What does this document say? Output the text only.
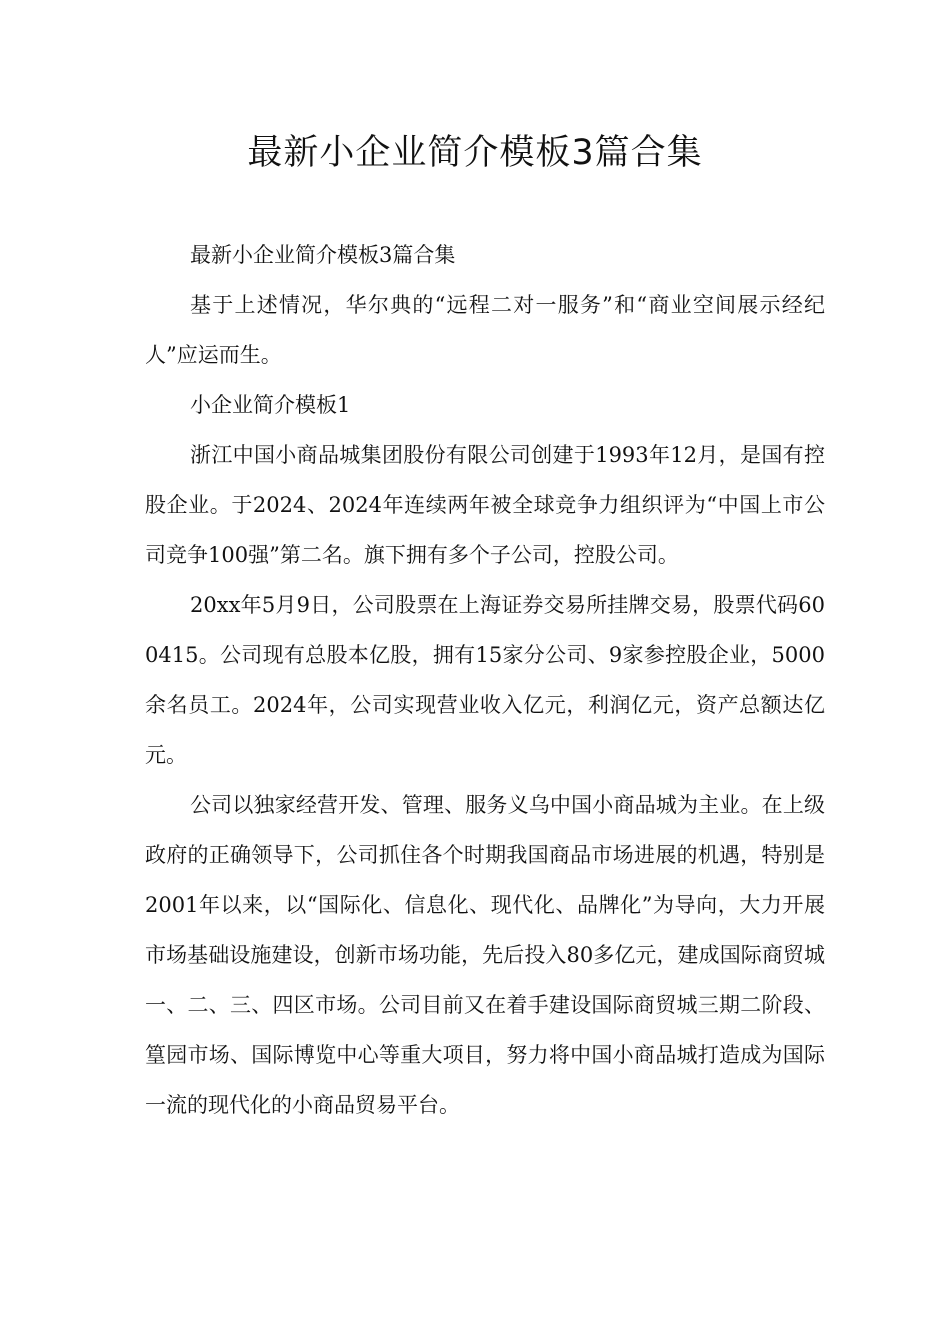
最新小企业简介模板3篇合集

最新小企业简介模板3篇合集

基于上述情况，华尔典的“远程二对一服务”和“商业空间展示经纪人”应运而生。

小企业简介模板1

浙江中国小商品城集团股份有限公司创建于1993年12月，是国有控股企业。于2024、2024年连续两年被全球竞争力组织评为“中国上市公司竞争100强”第二名。旗下拥有多个子公司，控股公司。

20xx年5月9日，公司股票在上海证券交易所挂牌交易，股票代码600415。公司现有总股本亿股，拥有15家分公司、9家参控股企业，5000余名员工。2024年，公司实现营业收入亿元，利润亿元，资产总额达亿元。

公司以独家经营开发、管理、服务义乌中国小商品城为主业。在上级政府的正确领导下，公司抓住各个时期我国商品市场进展的机遇，特别是2001年以来，以“国际化、信息化、现代化、品牌化”为导向，大力开展市场基础设施建设，创新市场功能，先后投入80多亿元，建成国际商贸城一、二、三、四区市场。公司目前又在着手建设国际商贸城三期二阶段、篁园市场、国际博览中心等重大项目，努力将中国小商品城打造成为国际一流的现代化的小商品贸易平台。
